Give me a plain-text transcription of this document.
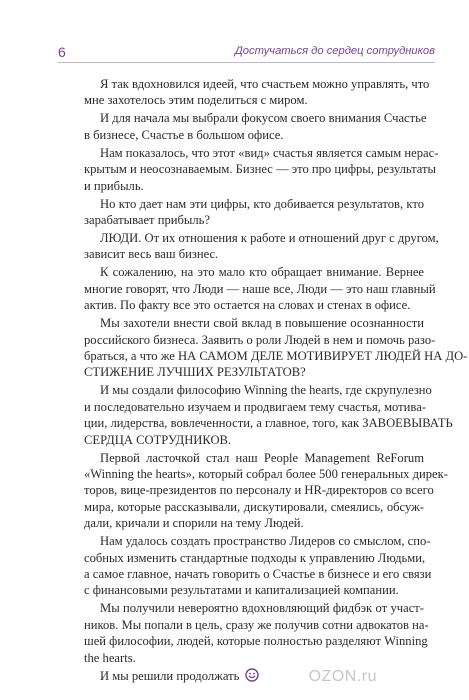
6	Достучаться до сердец сотрудников
Я так вдохновился идеей, что счастьем можно управлять, что
мне захотелось этим поделиться с миром.
И для начала мы выбрали фокусом своего внимания Счастье
в бизнесе, Счастье в большом офисе.
Нам показалось, что этот «вид» счастья является самым нерас-
крытым и неосознаваемым. Бизнес — это про цифры, результаты
и прибыль.
Но кто дает нам эти цифры, кто добивается результатов, кто
зарабатывает прибыль?
ЛЮДИ. От их отношения к работе и отношений друг с другом,
зависит весь ваш бизнес.
К сожалению, на это мало кто обращает внимание. Вернее
многие говорят, что Люди — наше все, Люди — это наш главный
актив. По факту все это остается на словах и стенах в офисе.
Мы захотели внести свой вклад в повышение осознанности
российского бизнеса. Заявить о роли Людей в нем и помочь разо-
браться, а что же НА САМОМ ДЕЛЕ МОТИВИРУЕТ ЛЮДЕЙ НА ДО-
СТИЖЕНИЕ ЛУЧШИХ РЕЗУЛЬТАТОВ?
И мы создали философию Winning the hearts, где скрупулезно
и последовательно изучаем и продвигаем тему счастья, мотива-
ции, лидерства, вовлеченности, а главное, того, как ЗАВОЕВЫВАТЬ
СЕРДЦА СОТРУДНИКОВ.
Первой ласточкой стал наш People Management ReForum
«Winning the hearts», который собрал более 500 генеральных дирек-
торов, вице-президентов по персоналу и HR-директоров со всего
мира, которые рассказывали, дискутировали, смеялись, обсуж-
дали, кричали и спорили на тему Людей.
Нам удалось создать пространство Лидеров со смыслом, спо-
собных изменить стандартные подходы к управлению Людьми,
а самое главное, начать говорить о Счастье в бизнесе и его связи
с финансовыми результатами и капитализацией компании.
Мы получили невероятно вдохновляющий фидбэк от участ-
ников. Мы попали в цель, сразу же получив сотни адвокатов на-
шей философии, людей, которые полностью разделяют Winning
the hearts.
И мы решили продолжать	OZON.ru
